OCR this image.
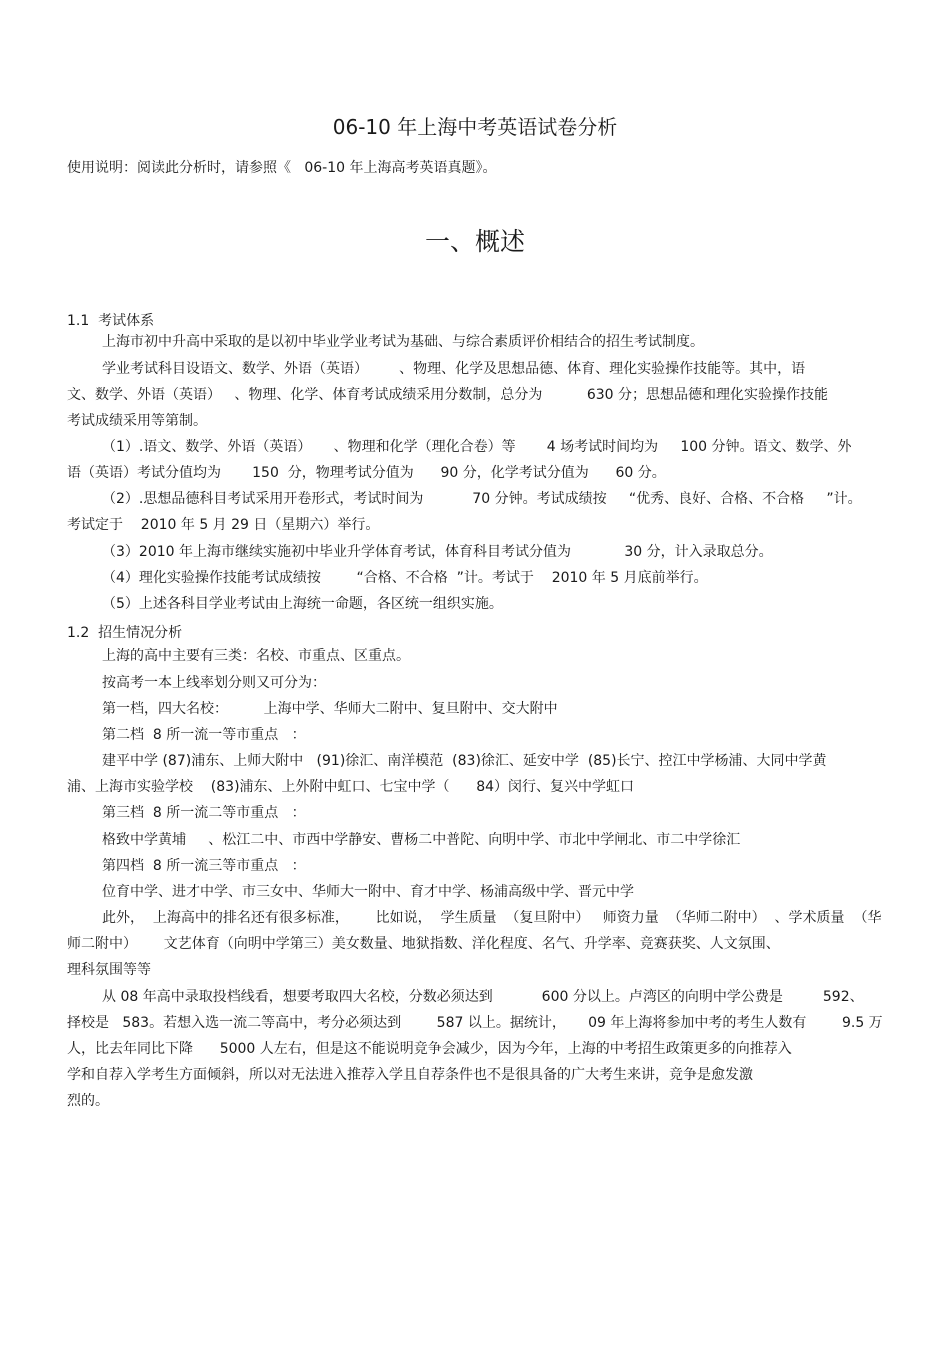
06-10 年上海中考英语试卷分析
使用说明：阅读此分析时，请参照《   06-10 年上海高考英语真题》。
一、概述
1.1  考试体系
上海市初中升高中采取的是以初中毕业学业考试为基础、与综合素质评价相结合的招生考试制度。
学业考试科目设语文、数学、外语（英语）       、物理、化学及思想品德、体育、理化实验操作技能等。其中，语
文、数学、外语（英语）   、物理、化学、体育考试成绩采用分数制，总分为          630 分；思想品德和理化实验操作技能
考试成绩采用等第制。
（1）.语文、数学、外语（英语）     、物理和化学（理化合卷）等       4 场考试时间均为     100 分钟。语文、数学、外
语（英语）考试分值均为       150  分，物理考试分值为      90 分，化学考试分值为      60 分。
（2）.思想品德科目考试采用开卷形式，考试时间为           70 分钟。考试成绩按     “优秀、良好、合格、不合格     ”计。
考试定于    2010 年 5 月 29 日（星期六）举行。
（3）2010 年上海市继续实施初中毕业升学体育考试，体育科目考试分值为            30 分，计入录取总分。
（4）理化实验操作技能考试成绩按        “合格、不合格  ”计。考试于    2010 年 5 月底前举行。
（5）上述各科目学业考试由上海统一命题，各区统一组织实施。
1.2  招生情况分析
上海的高中主要有三类：名校、市重点、区重点。
按高考一本上线率划分则又可分为：
第一档，四大名校：        上海中学、华师大二附中、复旦附中、交大附中
第二档  8 所一流一等市重点   ：
建平中学 (87)浦东、上师大附中   (91)徐汇、南洋模范  (83)徐汇、延安中学  (85)长宁、控江中学杨浦、大同中学黄
浦、上海市实验学校    (83)浦东、上外附中虹口、七宝中学（      84）闵行、复兴中学虹口
第三档  8 所一流二等市重点   ：
格致中学黄埔     、松江二中、市西中学静安、曹杨二中普陀、向明中学、市北中学闸北、市二中学徐汇
第四档  8 所一流三等市重点   ：
位育中学、进才中学、市三女中、华师大一附中、育才中学、杨浦高级中学、晋元中学
此外，  上海高中的排名还有很多标准，      比如说，  学生质量  （复旦附中）   师资力量  （华师二附中）  、学术质量  （华
师二附中）      文艺体育（向明中学第三）美女数量、地狱指数、洋化程度、名气、升学率、竞赛获奖、人文氛围、
理科氛围等等
从 08 年高中录取投档线看，想要考取四大名校，分数必须达到           600 分以上。卢湾区的向明中学公费是         592、
择校是   583。若想入选一流二等高中，考分必须达到        587 以上。据统计，     09 年上海将参加中考的考生人数有        9.5 万
人，比去年同比下降      5000 人左右，但是这不能说明竞争会减少，因为今年，上海的中考招生政策更多的向推荐入
学和自荐入学考生方面倾斜，所以对无法进入推荐入学且自荐条件也不是很具备的广大考生来讲，竞争是愈发激
烈的。
